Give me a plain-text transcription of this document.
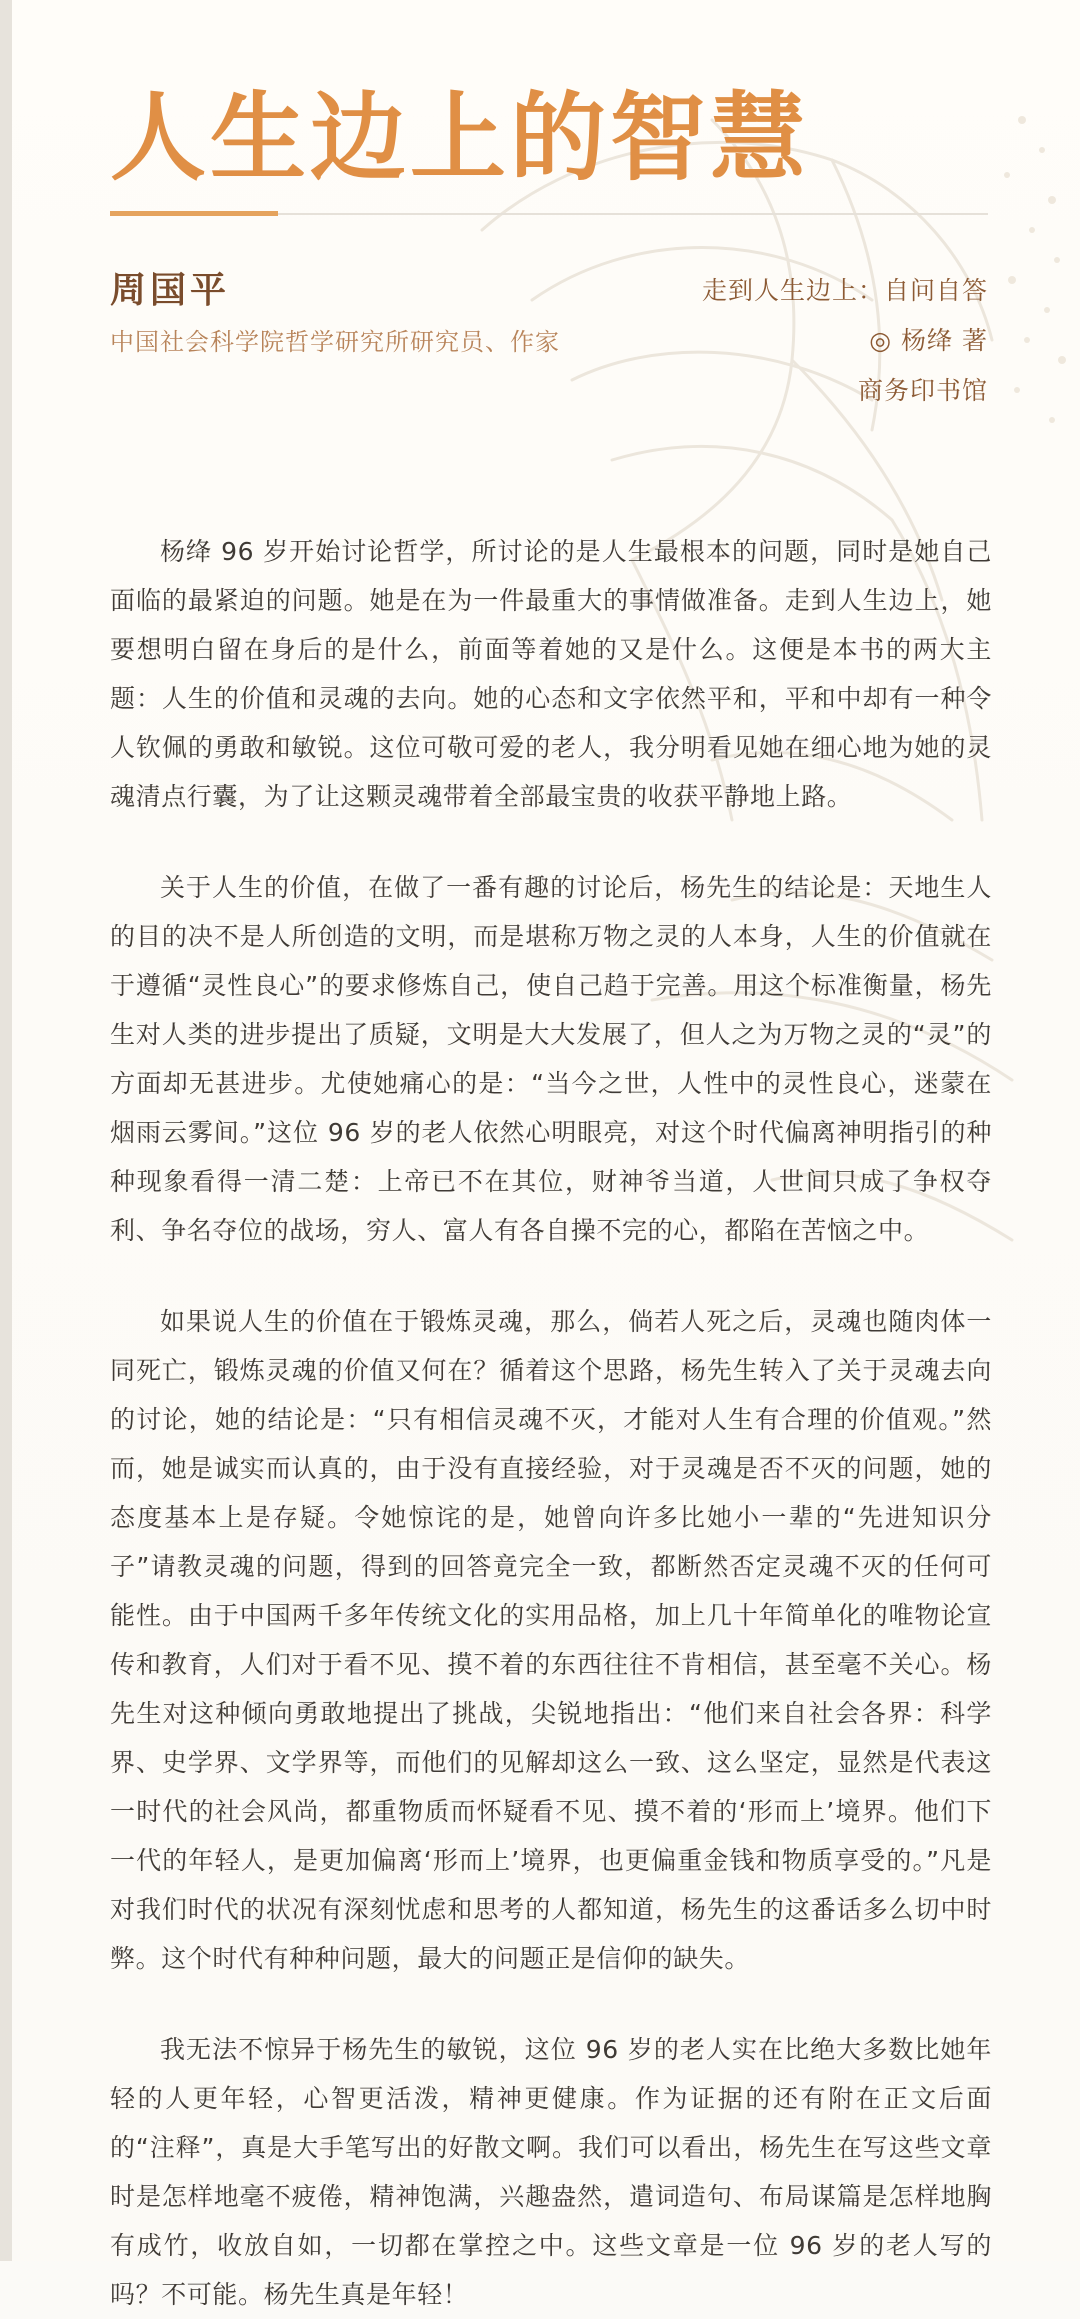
人生边上的智慧
周国平
中国社会科学院哲学研究所研究员、作家
走到人生边上：自问自答
◎ 杨绛 著
商务印书馆

杨绛 96 岁开始讨论哲学，所讨论的是人生最根本的问题，同时是她自己面临的最紧迫的问题。她是在为一件最重大的事情做准备。走到人生边上，她要想明白留在身后的是什么，前面等着她的又是什么。这便是本书的两大主题：人生的价值和灵魂的去向。她的心态和文字依然平和，平和中却有一种令人钦佩的勇敢和敏锐。这位可敬可爱的老人，我分明看见她在细心地为她的灵魂清点行囊，为了让这颗灵魂带着全部最宝贵的收获平静地上路。

关于人生的价值，在做了一番有趣的讨论后，杨先生的结论是：天地生人的目的决不是人所创造的文明，而是堪称万物之灵的人本身，人生的价值就在于遵循“灵性良心”的要求修炼自己，使自己趋于完善。用这个标准衡量，杨先生对人类的进步提出了质疑，文明是大大发展了，但人之为万物之灵的“灵”的方面却无甚进步。尤使她痛心的是：“当今之世，人性中的灵性良心，迷蒙在烟雨云雾间。”这位 96 岁的老人依然心明眼亮，对这个时代偏离神明指引的种种现象看得一清二楚：上帝已不在其位，财神爷当道，人世间只成了争权夺利、争名夺位的战场，穷人、富人有各自操不完的心，都陷在苦恼之中。

如果说人生的价值在于锻炼灵魂，那么，倘若人死之后，灵魂也随肉体一同死亡，锻炼灵魂的价值又何在？循着这个思路，杨先生转入了关于灵魂去向的讨论，她的结论是：“只有相信灵魂不灭，才能对人生有合理的价值观。”然而，她是诚实而认真的，由于没有直接经验，对于灵魂是否不灭的问题，她的态度基本上是存疑。令她惊诧的是，她曾向许多比她小一辈的“先进知识分子”请教灵魂的问题，得到的回答竟完全一致，都断然否定灵魂不灭的任何可能性。由于中国两千多年传统文化的实用品格，加上几十年简单化的唯物论宣传和教育，人们对于看不见、摸不着的东西往往不肯相信，甚至毫不关心。杨先生对这种倾向勇敢地提出了挑战，尖锐地指出：“他们来自社会各界：科学界、史学界、文学界等，而他们的见解却这么一致、这么坚定，显然是代表这一时代的社会风尚，都重物质而怀疑看不见、摸不着的‘形而上’境界。他们下一代的年轻人，是更加偏离‘形而上’境界，也更偏重金钱和物质享受的。”凡是对我们时代的状况有深刻忧虑和思考的人都知道，杨先生的这番话多么切中时弊。这个时代有种种问题，最大的问题正是信仰的缺失。

我无法不惊异于杨先生的敏锐，这位 96 岁的老人实在比绝大多数比她年轻的人更年轻，心智更活泼，精神更健康。作为证据的还有附在正文后面的“注释”，真是大手笔写出的好散文啊。我们可以看出，杨先生在写这些文章时是怎样地毫不疲倦，精神饱满，兴趣盎然，遣词造句、布局谋篇是怎样地胸有成竹，收放自如，一切都在掌控之中。这些文章是一位 96 岁的老人写的吗？不可能。杨先生真是年轻！
